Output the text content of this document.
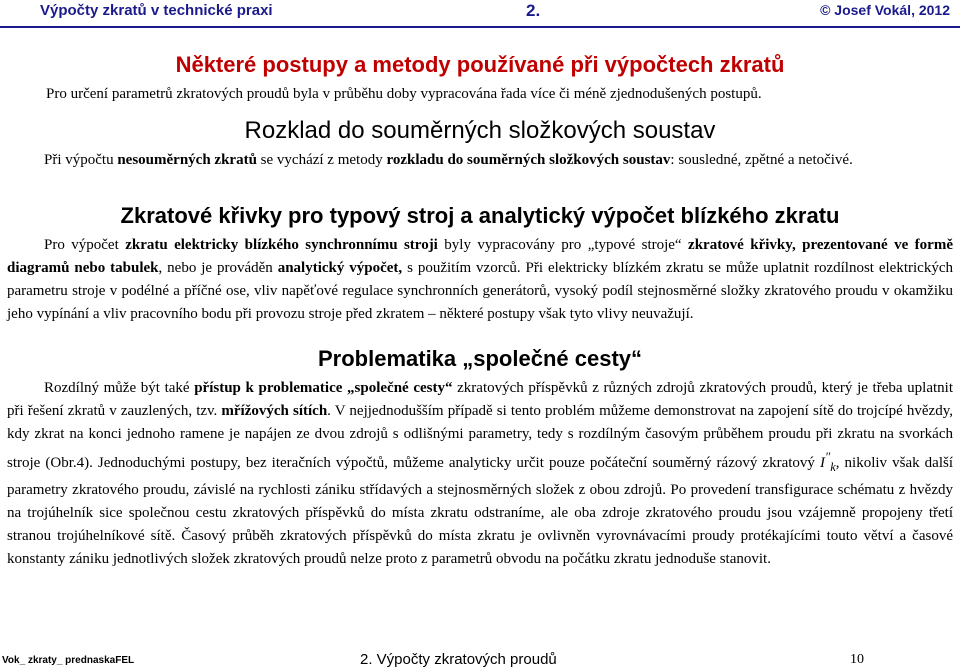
Výpočty zkratů v technické praxi	2.	© Josef Vokál, 2012
Některé postupy a metody používané při výpočtech zkratů
Pro určení parametrů zkratových proudů byla v průběhu doby vypracována řada více či méně zjednodušených postupů.
Rozklad do souměrných složkových soustav
Při výpočtu nesouměrných zkratů se vychází z metody rozkladu do souměrných složkových soustav: sousledné, zpětné a netočivé.
Zkratové křivky pro typový stroj a analytický výpočet blízkého zkratu
Pro výpočet zkratu elektricky blízkého synchronnímu stroji byly vypracovány pro „typové stroje“ zkratové křivky, prezentované ve formě diagramů nebo tabulek, nebo je prováděn analytický výpočet, s použitím vzorců. Při elektricky blízkém zkratu se může uplatnit rozdílnost elektrických parametru stroje v podélné a příčné ose, vliv napěťové regulace synchronních generátorů, vysoký podíl stejnosměrné složky zkratového proudu v okamžiku jeho vypínání a vliv pracovního bodu při provozu stroje před zkratem – některé postupy však tyto vlivy neuvažují.
Problematika „společné cesty“
Rozdílný může být také přístup k problematice „společné cesty“ zkratových příspěvků z různých zdrojů zkratových proudů, který je třeba uplatnit při řešení zkratů v zauzlených, tzv. mřížových sítích. V nejjednodušším případě si tento problém můžeme demonstrovat na zapojení sítě do trojcípé hvězdy, kdy zkrat na konci jednoho ramene je napájen ze dvou zdrojů s odlišnými parametry, tedy s rozdílným časovým průběhem proudu při zkratu na svorkách stroje (Obr.4). Jednoduchými postupy, bez iteračních výpočtů, můžeme analyticky určit pouze počáteční souměrný rázový zkratový $I''_k$, nikoliv však další parametry zkratového proudu, závislé na rychlosti zániku střídavých a stejnosměrných složek z obou zdrojů. Po provedení transfigurace schématu z hvězdy na trojúhelník sice společnou cestu zkratových příspěvků do místa zkratu odstraníme, ale oba zdroje zkratového proudu jsou vzájemně propojeny třetí stranou trojúhelníkové sítě. Časový průběh zkratových příspěvků do místa zkratu je ovlivněn vyrovnávacími proudy protékajícími touto větví a časové konstanty zániku jednotlivých složek zkratových proudů nelze proto z parametrů obvodu na počátku zkratu jednoduše stanovit.
Vok_ zkraty_ prednaskaFEL	2. Výpočty zkratových proudů	10
